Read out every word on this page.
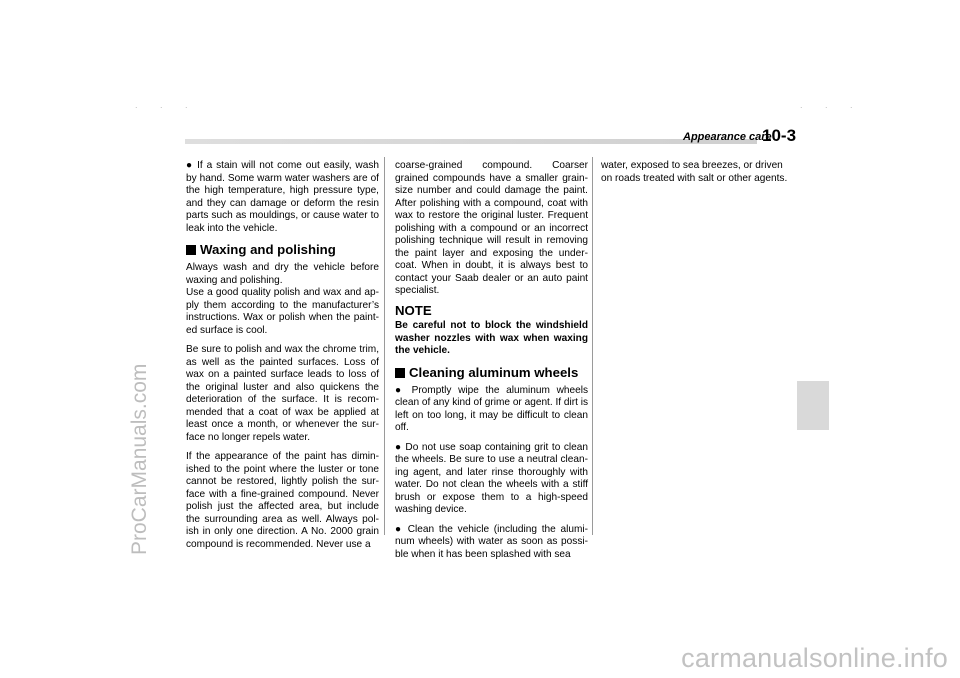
. . .	. . .
ProCarManuals.com
Appearance care
10-3

● If a stain will not come out easily, wash by hand. Some warm water washers are of the high temperature, high pressure type, and they can damage or deform the resin parts such as mouldings, or cause water to leak into the vehicle.

Waxing and polishing

Always wash and dry the vehicle before waxing and polishing.

Use a good quality polish and wax and ap-ply them according to the manufacturer’s instructions. Wax or polish when the paint-ed surface is cool.

Be sure to polish and wax the chrome trim, as well as the painted surfaces. Loss of wax on a painted surface leads to loss of the original luster and also quickens the deterioration of the surface. It is recom-mended that a coat of wax be applied at least once a month, or whenever the sur-face no longer repels water.

If the appearance of the paint has dimin-ished to the point where the luster or tone cannot be restored, lightly polish the sur-face with a fine-grained compound. Never polish just the affected area, but include the surrounding area as well. Always pol-ish in only one direction. A No. 2000 grain compound is recommended. Never use a

coarse-grained compound. Coarser grained compounds have a smaller grain-size number and could damage the paint. After polishing with a compound, coat with wax to restore the original luster. Frequent polishing with a compound or an incorrect polishing technique will result in removing the paint layer and exposing the under-coat. When in doubt, it is always best to contact your Saab dealer or an auto paint specialist.

NOTE

Be careful not to block the windshield washer nozzles with wax when waxing the vehicle.

Cleaning aluminum wheels

● Promptly wipe the aluminum wheels clean of any kind of grime or agent. If dirt is left on too long, it may be difficult to clean off.

● Do not use soap containing grit to clean the wheels. Be sure to use a neutral clean-ing agent, and later rinse thoroughly with water. Do not clean the wheels with a stiff brush or expose them to a high-speed washing device.

● Clean the vehicle (including the alumi-num wheels) with water as soon as possi-ble when it has been splashed with sea

water, exposed to sea breezes, or driven on roads treated with salt or other agents.

carmanualsonline.info
